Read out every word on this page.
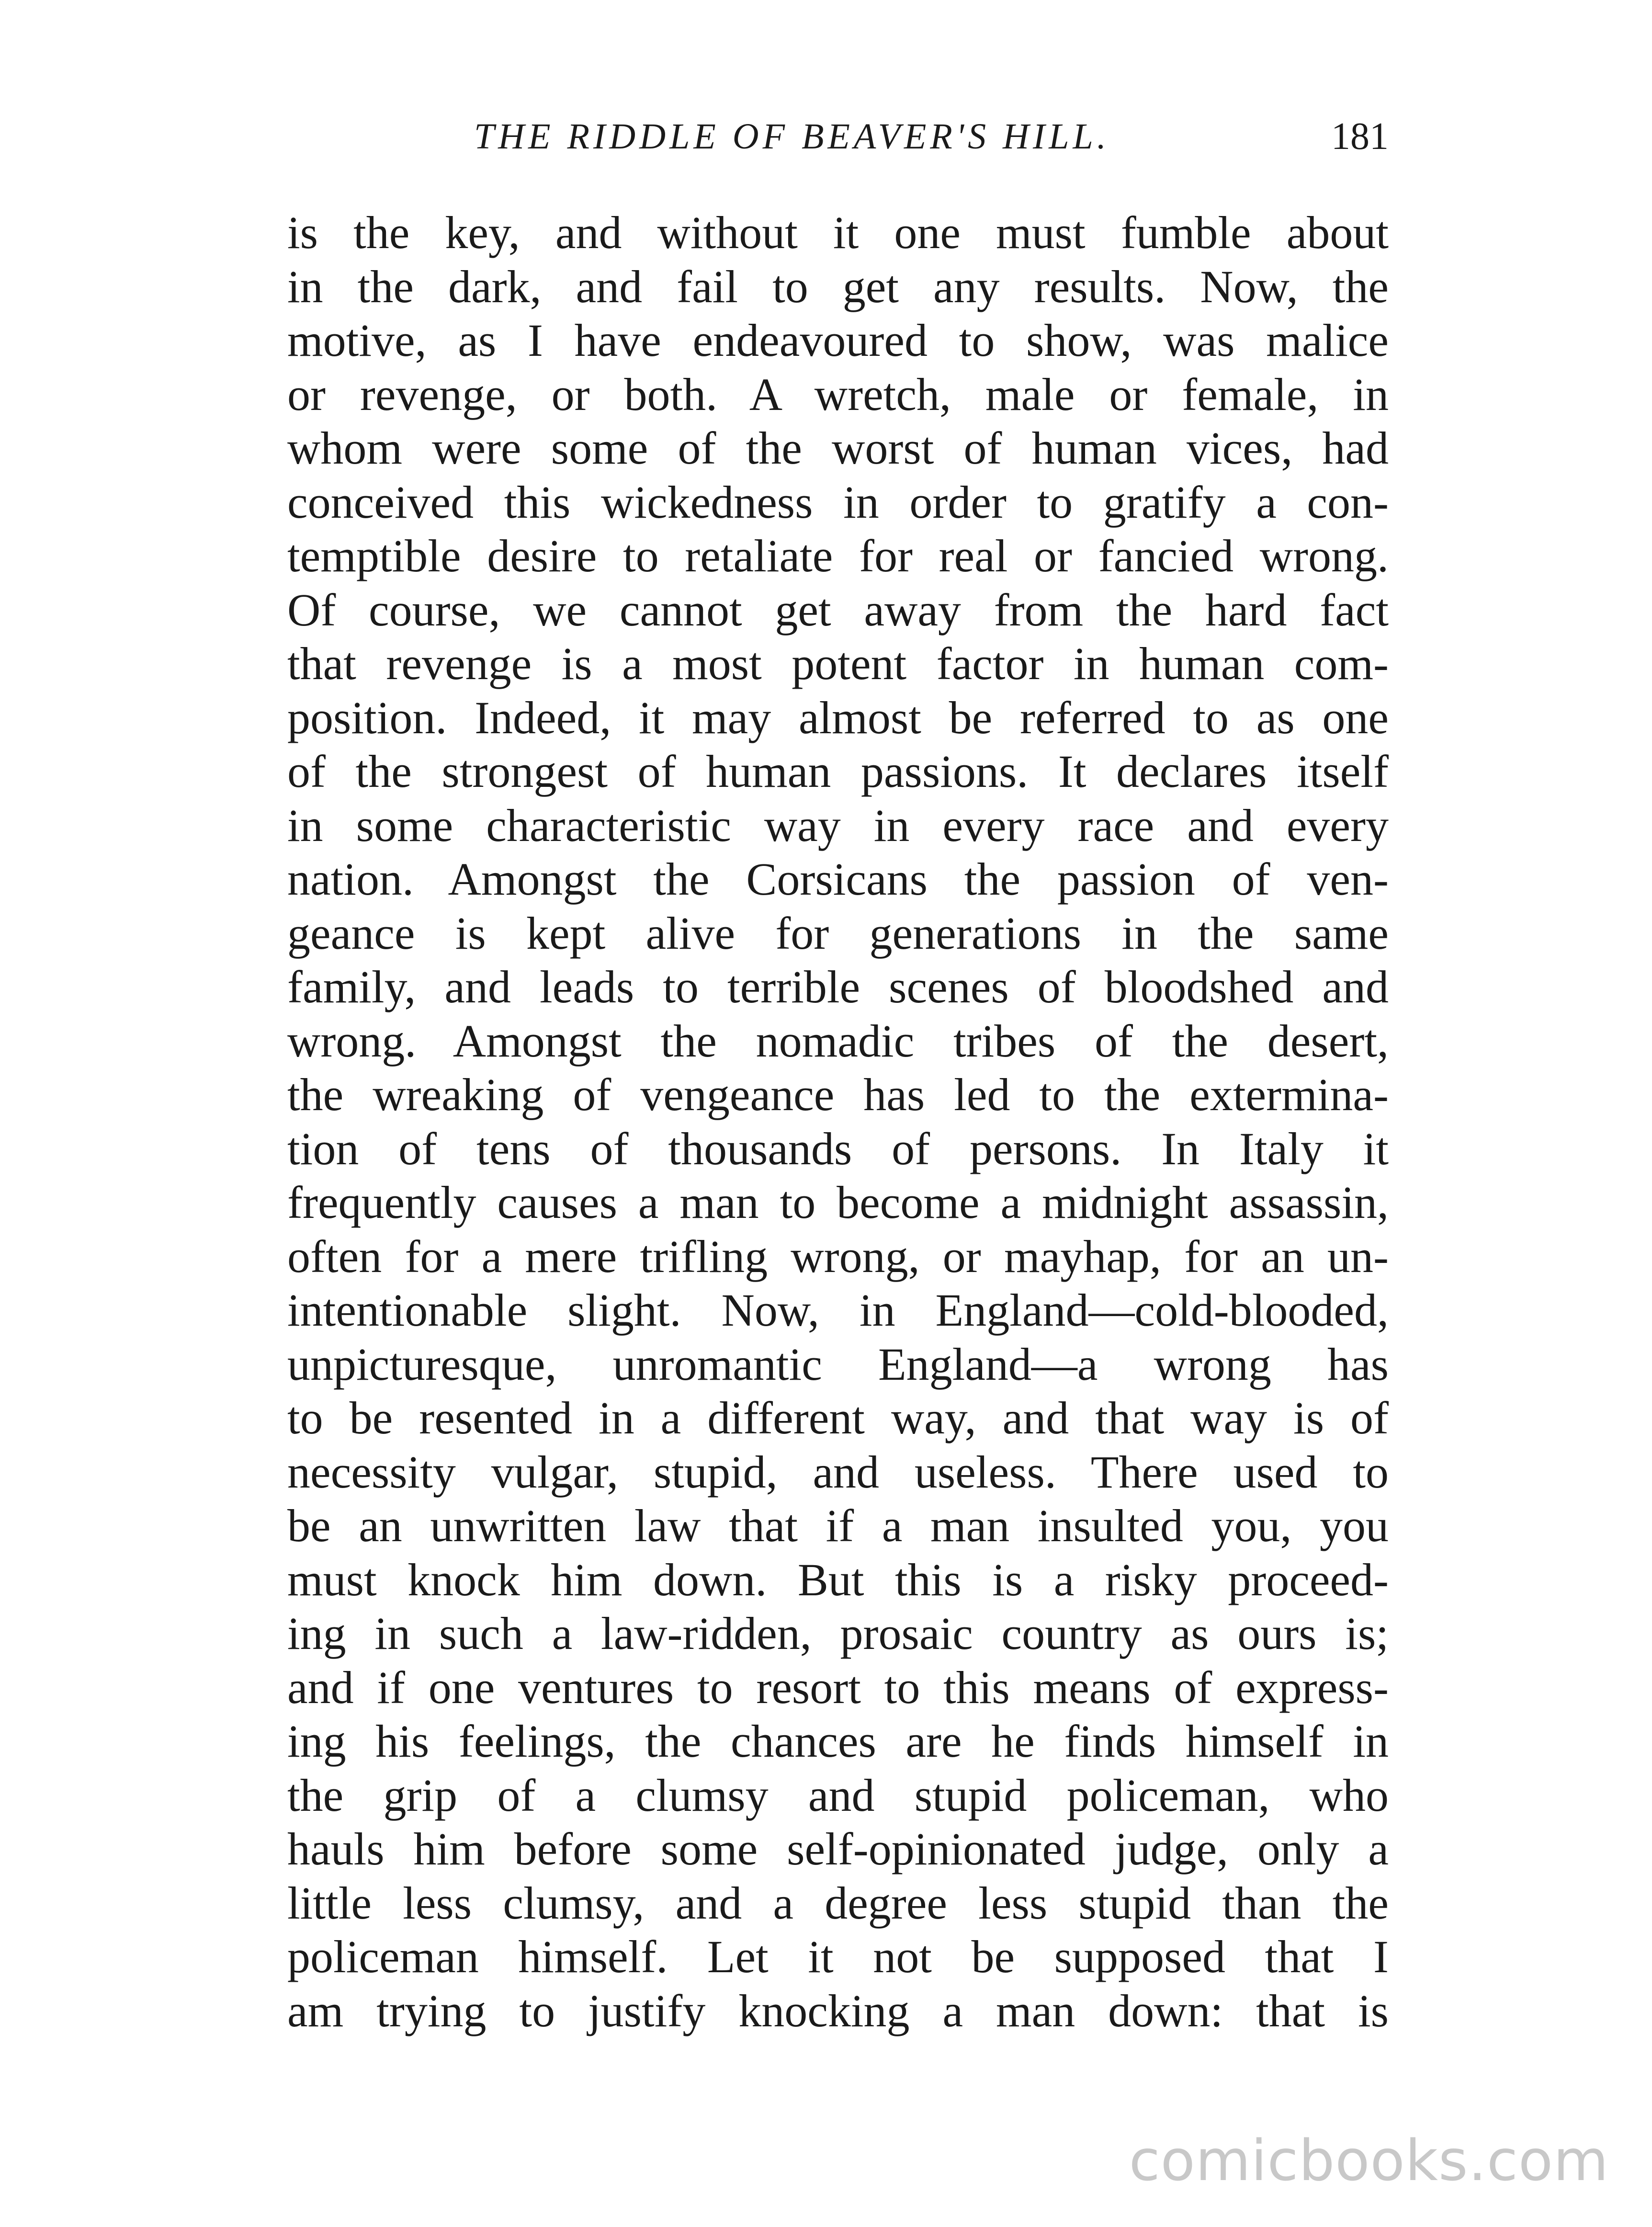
THE RIDDLE OF BEAVER'S HILL.	181
is the key, and without it one must fumble about
in the dark, and fail to get any results. Now, the
motive, as I have endeavoured to show, was malice
or revenge, or both. A wretch, male or female, in
whom were some of the worst of human vices, had
conceived this wickedness in order to gratify a con-
temptible desire to retaliate for real or fancied wrong.
Of course, we cannot get away from the hard fact
that revenge is a most potent factor in human com-
position. Indeed, it may almost be referred to as one
of the strongest of human passions. It declares itself
in some characteristic way in every race and every
nation. Amongst the Corsicans the passion of ven-
geance is kept alive for generations in the same
family, and leads to terrible scenes of bloodshed and
wrong. Amongst the nomadic tribes of the desert,
the wreaking of vengeance has led to the extermina-
tion of tens of thousands of persons. In Italy it
frequently causes a man to become a midnight assassin,
often for a mere trifling wrong, or mayhap, for an un-
intentionable slight. Now, in England—cold-blooded,
unpicturesque, unromantic England—a wrong has
to be resented in a different way, and that way is of
necessity vulgar, stupid, and useless. There used to
be an unwritten law that if a man insulted you, you
must knock him down. But this is a risky proceed-
ing in such a law-ridden, prosaic country as ours is;
and if one ventures to resort to this means of express-
ing his feelings, the chances are he finds himself in
the grip of a clumsy and stupid policeman, who
hauls him before some self-opinionated judge, only a
little less clumsy, and a degree less stupid than the
policeman himself. Let it not be supposed that I
am trying to justify knocking a man down: that is
comicbooks.com
